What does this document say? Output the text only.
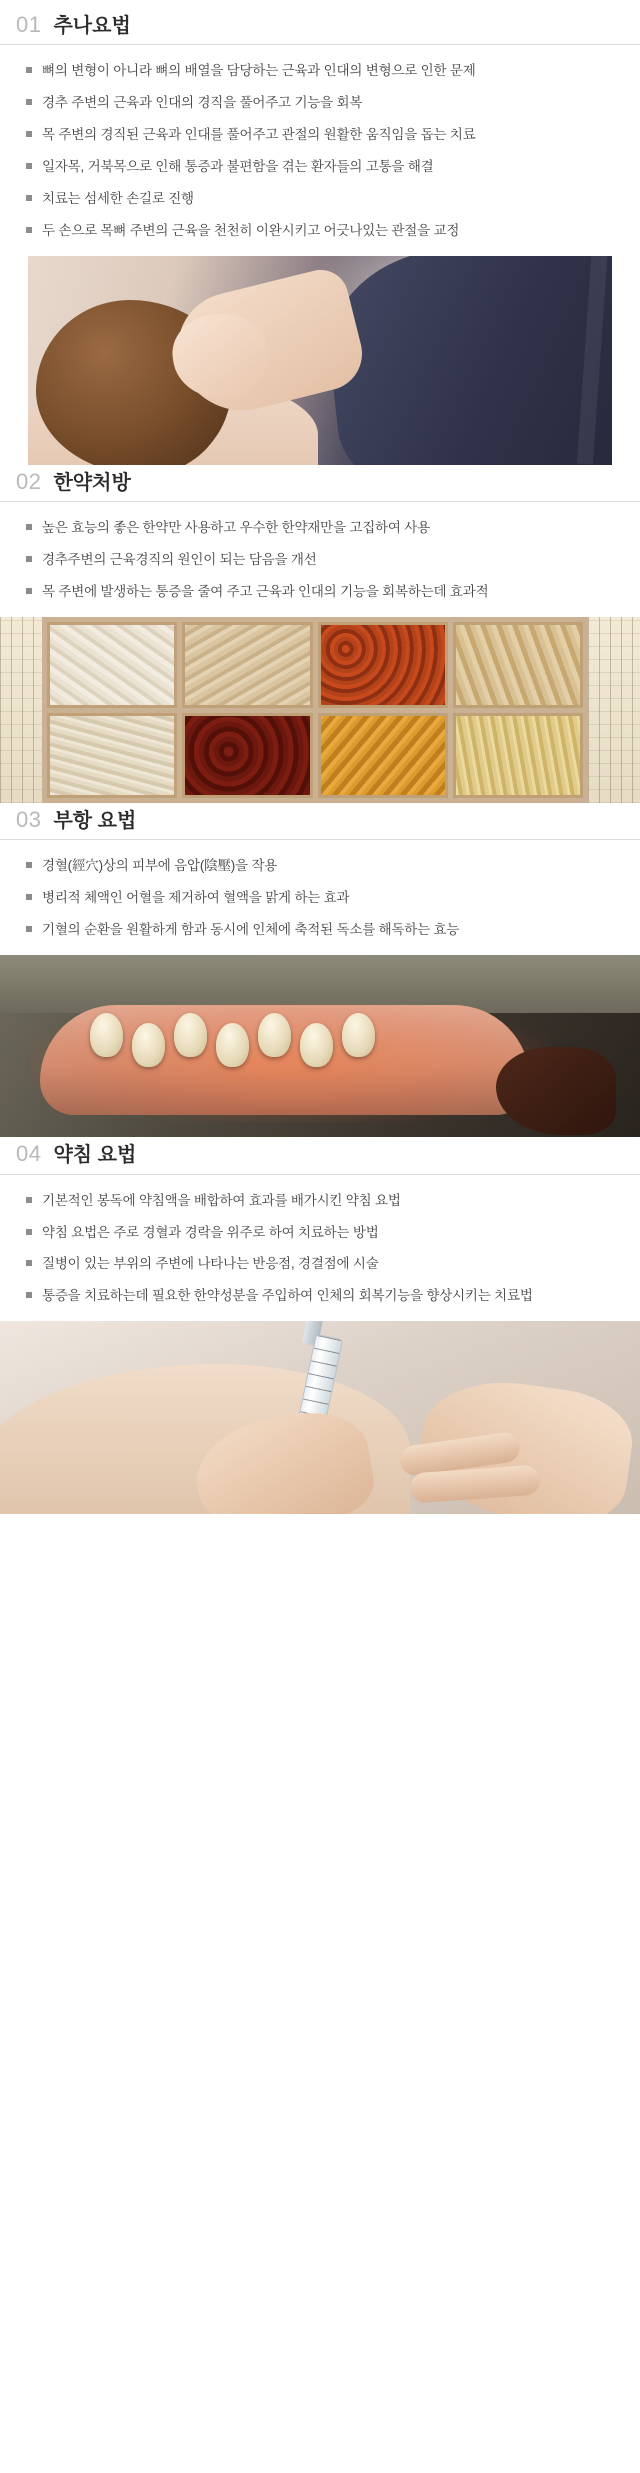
01 추나요법
뼈의 변형이 아니라 뼈의 배열을 담당하는 근육과 인대의 변형으로 인한 문제
경추 주변의 근육과 인대의 경직을 풀어주고 기능을 회복
목 주변의 경직된 근육과 인대를 풀어주고 관절의 원활한 움직임을 돕는 치료
일자목, 거북목으로 인해 통증과 불편함을 겪는 환자들의 고통을 해결
치료는 섬세한 손길로 진행
두 손으로 목뼈 주변의 근육을 천천히 이완시키고 어긋나있는 관절을 교정
02 한약처방
높은 효능의 좋은 한약만 사용하고 우수한 한약재만을 고집하여 사용
경추주변의 근육경직의 원인이 되는 담음을 개선
목 주변에 발생하는 통증을 줄여 주고 근육과 인대의 기능을 회복하는데 효과적
03 부항 요법
경혈(經穴)상의 피부에 음압(陰壓)을 작용
병리적 체액인 어혈을 제거하여 혈액을 맑게 하는 효과
기혈의 순환을 원활하게 함과 동시에 인체에 축적된 독소를 해독하는 효능
04 약침 요법
기본적인 봉독에 약침액을 배합하여 효과를 배가시킨 약침 요법
약침 요법은 주로 경혈과 경락을 위주로 하여 치료하는 방법
질병이 있는 부위의 주변에 나타나는 반응점, 경결점에 시술
통증을 치료하는데 필요한 한약성분을 주입하여 인체의 회복기능을 향상시키는 치료법
